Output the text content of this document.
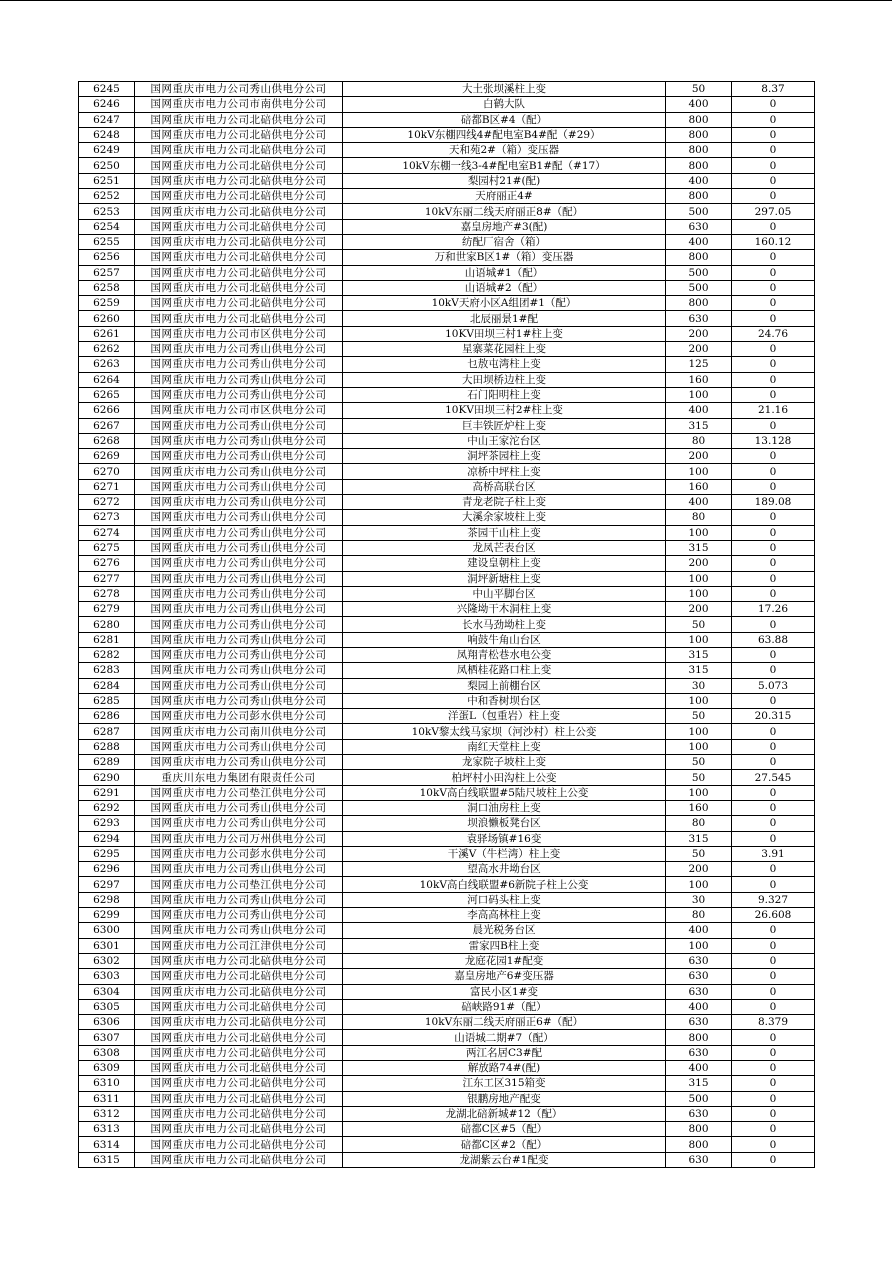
6245	国网重庆市电力公司秀山供电分公司	大土张坝溪柱上变	50	8.37
6246	国网重庆市电力公司市南供电分公司	白鹤大队	400	0
6247	国网重庆市电力公司北碚供电分公司	碚都B区#4（配）	800	0
6248	国网重庆市电力公司北碚供电分公司	10kV东棚四线4#配电室B4#配（#29）	800	0
6249	国网重庆市电力公司北碚供电分公司	天和苑2#（箱）变压器	800	0
6250	国网重庆市电力公司北碚供电分公司	10kV东棚一线3-4#配电室B1#配（#17）	800	0
6251	国网重庆市电力公司北碚供电分公司	梨园村21#(配)	400	0
6252	国网重庆市电力公司北碚供电分公司	天府丽正4#	800	0
6253	国网重庆市电力公司北碚供电分公司	10kV东丽二线天府丽正8#（配）	500	297.05
6254	国网重庆市电力公司北碚供电分公司	嘉皇房地产#3(配)	630	0
6255	国网重庆市电力公司北碚供电分公司	纺配厂宿舍（箱）	400	160.12
6256	国网重庆市电力公司北碚供电分公司	万和世家B区1#（箱）变压器	800	0
6257	国网重庆市电力公司北碚供电分公司	山语城#1（配）	500	0
6258	国网重庆市电力公司北碚供电分公司	山语城#2（配）	500	0
6259	国网重庆市电力公司北碚供电分公司	10kV天府小区A组团#1（配）	800	0
6260	国网重庆市电力公司北碚供电分公司	北辰丽景1#配	630	0
6261	国网重庆市电力公司市区供电分公司	10KV田坝三村1#柱上变	200	24.76
6262	国网重庆市电力公司秀山供电分公司	星寨菜花园柱上变	200	0
6263	国网重庆市电力公司秀山供电分公司	乜敖屯湾柱上变	125	0
6264	国网重庆市电力公司秀山供电分公司	大田坝桥边柱上变	160	0
6265	国网重庆市电力公司秀山供电分公司	石门阳明柱上变	100	0
6266	国网重庆市电力公司市区供电分公司	10KV田坝三村2#柱上变	400	21.16
6267	国网重庆市电力公司秀山供电分公司	巨丰铁匠炉柱上变	315	0
6268	国网重庆市电力公司秀山供电分公司	中山王家沱台区	80	13.128
6269	国网重庆市电力公司秀山供电分公司	洞坪茶园柱上变	200	0
6270	国网重庆市电力公司秀山供电分公司	凉桥中坪柱上变	100	0
6271	国网重庆市电力公司秀山供电分公司	高桥高联台区	160	0
6272	国网重庆市电力公司秀山供电分公司	青龙老院子柱上变	400	189.08
6273	国网重庆市电力公司秀山供电分公司	大溪余家坡柱上变	80	0
6274	国网重庆市电力公司秀山供电分公司	茶园干山柱上变	100	0
6275	国网重庆市电力公司秀山供电分公司	龙凤芒表台区	315	0
6276	国网重庆市电力公司秀山供电分公司	建设皇朝柱上变	200	0
6277	国网重庆市电力公司秀山供电分公司	洞坪新塘柱上变	100	0
6278	国网重庆市电力公司秀山供电分公司	中山平脚台区	100	0
6279	国网重庆市电力公司秀山供电分公司	兴隆坳干木洞柱上变	200	17.26
6280	国网重庆市电力公司秀山供电分公司	长水马劲坳柱上变	50	0
6281	国网重庆市电力公司秀山供电分公司	响鼓牛角山台区	100	63.88
6282	国网重庆市电力公司秀山供电分公司	凤翔青松巷水电公变	315	0
6283	国网重庆市电力公司秀山供电分公司	凤栖桂花路口柱上变	315	0
6284	国网重庆市电力公司秀山供电分公司	梨园上前棚台区	30	5.073
6285	国网重庆市电力公司秀山供电分公司	中和香树坝台区	100	0
6286	国网重庆市电力公司彭水供电分公司	洋蛋L（包重岩）柱上变	50	20.315
6287	国网重庆市电力公司南川供电分公司	10kV黎太线马家坝（河沙村）柱上公变	100	0
6288	国网重庆市电力公司秀山供电分公司	南红天堂柱上变	100	0
6289	国网重庆市电力公司秀山供电分公司	龙家院子坡柱上变	50	0
6290	重庆川东电力集团有限责任公司	柏坪村小田沟柱上公变	50	27.545
6291	国网重庆市电力公司垫江供电分公司	10kV高白线联盟#5陆尺坡柱上公变	100	0
6292	国网重庆市电力公司秀山供电分公司	洞口油房柱上变	160	0
6293	国网重庆市电力公司秀山供电分公司	坝浪懒板凳台区	80	0
6294	国网重庆市电力公司万州供电分公司	袁驿场镇#16变	315	0
6295	国网重庆市电力公司彭水供电分公司	干溪V（牛栏湾）柱上变	50	3.91
6296	国网重庆市电力公司秀山供电分公司	望高水井坳台区	200	0
6297	国网重庆市电力公司垫江供电分公司	10kV高白线联盟#6新院子柱上公变	100	0
6298	国网重庆市电力公司秀山供电分公司	河口码头柱上变	30	9.327
6299	国网重庆市电力公司秀山供电分公司	李高高林柱上变	80	26.608
6300	国网重庆市电力公司秀山供电分公司	晨光税务台区	400	0
6301	国网重庆市电力公司江津供电分公司	雷家四B柱上变	100	0
6302	国网重庆市电力公司北碚供电分公司	龙庭花园1#配变	630	0
6303	国网重庆市电力公司北碚供电分公司	嘉皇房地产6#变压器	630	0
6304	国网重庆市电力公司北碚供电分公司	富民小区1#变	630	0
6305	国网重庆市电力公司北碚供电分公司	碚峡路91#（配）	400	0
6306	国网重庆市电力公司北碚供电分公司	10kV东丽二线天府丽正6#（配）	630	8.379
6307	国网重庆市电力公司北碚供电分公司	山语城二期#7（配）	800	0
6308	国网重庆市电力公司北碚供电分公司	两江名居C3#配	630	0
6309	国网重庆市电力公司北碚供电分公司	解放路74#(配)	400	0
6310	国网重庆市电力公司北碚供电分公司	江东工区315箱变	315	0
6311	国网重庆市电力公司北碚供电分公司	银鹏房地产配变	500	0
6312	国网重庆市电力公司北碚供电分公司	龙湖北碚新城#12（配）	630	0
6313	国网重庆市电力公司北碚供电分公司	碚都C区#5（配）	800	0
6314	国网重庆市电力公司北碚供电分公司	碚都C区#2（配）	800	0
6315	国网重庆市电力公司北碚供电分公司	龙湖紫云台#1配变	630	0
